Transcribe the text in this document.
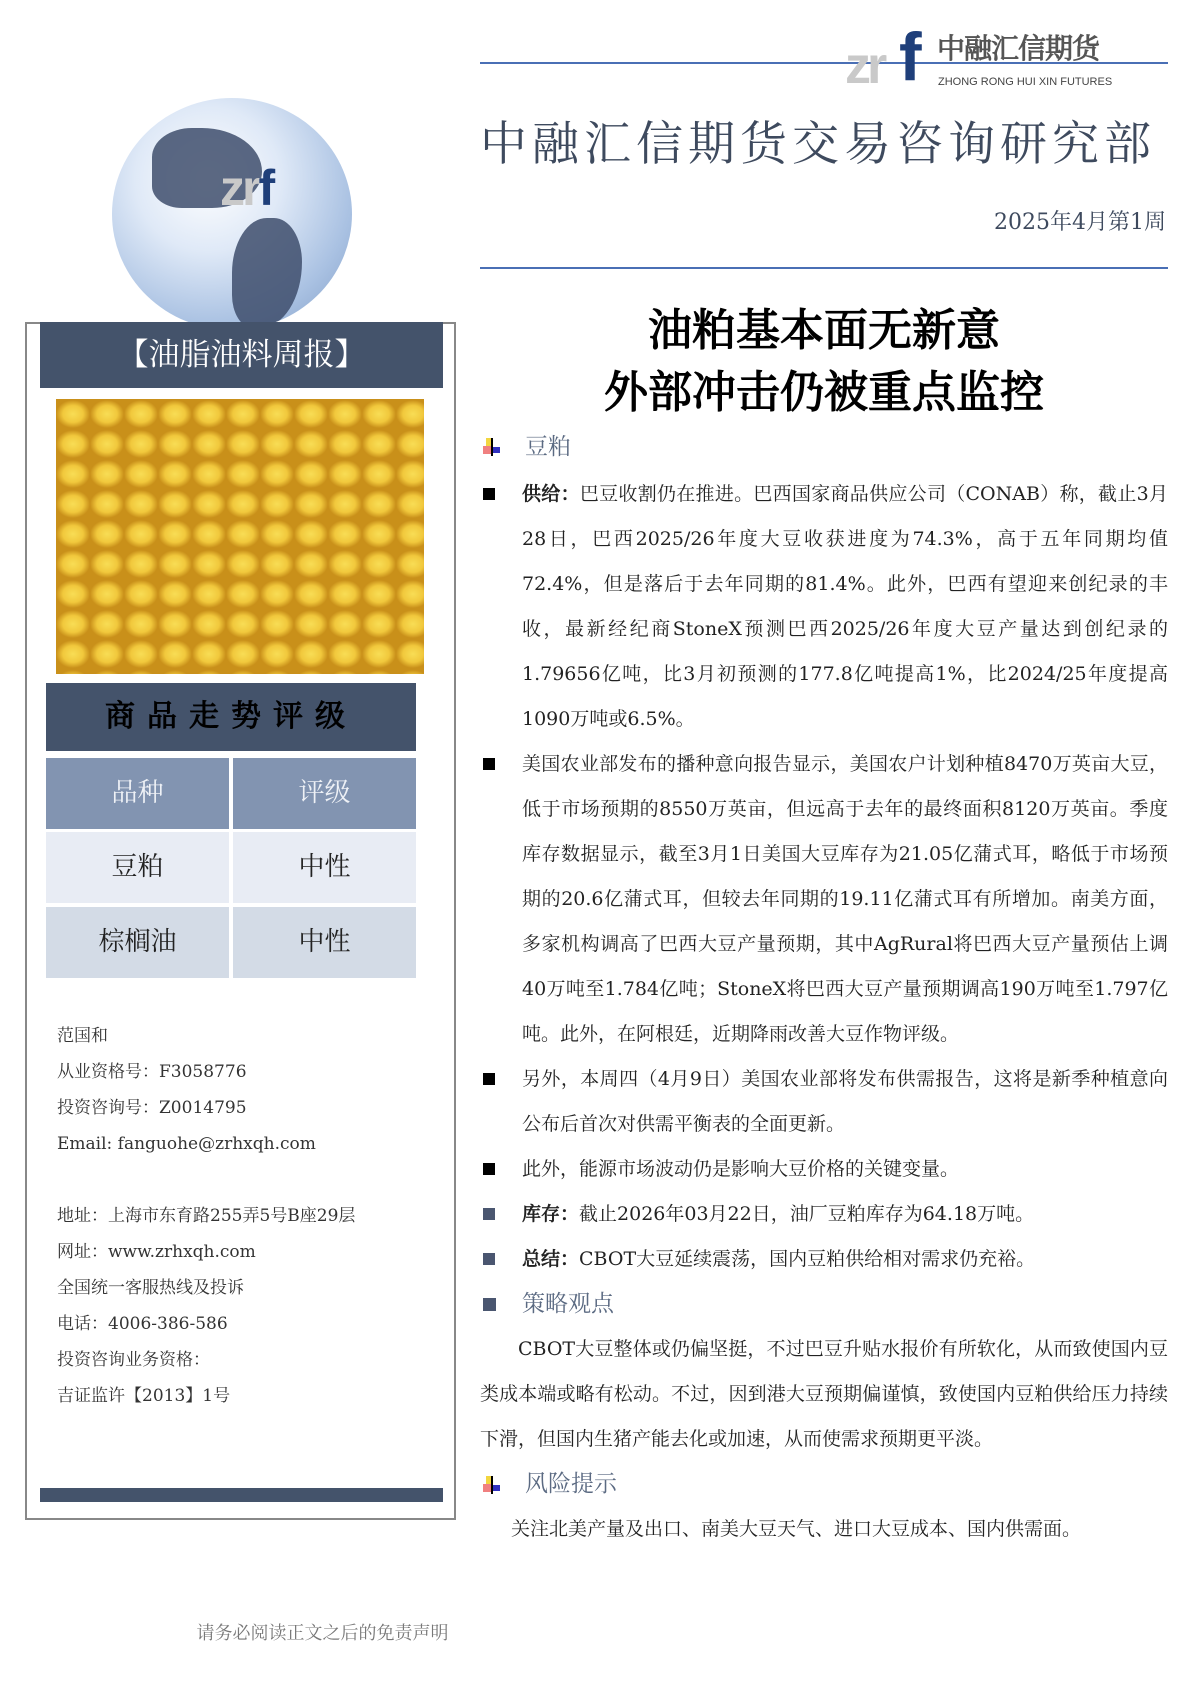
zr f 中融汇信期货
ZHONG RONG HUI XIN FUTURES
中融汇信期货交易咨询研究部
2025年4月第1周
油粕基本面无新意
外部冲击仍被重点监控
豆粕
供给：巴豆收割仍在推进。巴西国家商品供应公司（CONAB）称，截止3月28日，巴西2025/26年度大豆收获进度为74.3%，高于五年同期均值72.4%，但是落后于去年同期的81.4%。此外，巴西有望迎来创纪录的丰收，最新经纪商StoneX预测巴西2025/26年度大豆产量达到创纪录的1.79656亿吨，比3月初预测的177.8亿吨提高1%，比2024/25年度提高1090万吨或6.5%。
美国农业部发布的播种意向报告显示，美国农户计划种植8470万英亩大豆，低于市场预期的8550万英亩，但远高于去年的最终面积8120万英亩。季度库存数据显示，截至3月1日美国大豆库存为21.05亿蒲式耳，略低于市场预期的20.6亿蒲式耳，但较去年同期的19.11亿蒲式耳有所增加。南美方面，多家机构调高了巴西大豆产量预期，其中AgRural将巴西大豆产量预估上调40万吨至1.784亿吨；StoneX将巴西大豆产量预期调高190万吨至1.797亿吨。此外，在阿根廷，近期降雨改善大豆作物评级。
另外，本周四（4月9日）美国农业部将发布供需报告，这将是新季种植意向公布后首次对供需平衡表的全面更新。
此外，能源市场波动仍是影响大豆价格的关键变量。
库存：截止2026年03月22日，油厂豆粕库存为64.18万吨。
总结：CBOT大豆延续震荡，国内豆粕供给相对需求仍充裕。
策略观点
CBOT大豆整体或仍偏坚挺，不过巴豆升贴水报价有所软化，从而致使国内豆类成本端或略有松动。不过，因到港大豆预期偏谨慎，致使国内豆粕供给压力持续下滑，但国内生猪产能去化或加速，从而使需求预期更平淡。
风险提示
关注北美产量及出口、南美大豆天气、进口大豆成本、国内供需面。
zrf
【油脂油料周报】
商品走势评级
品种	评级
豆粕	中性
棕榈油	中性
范国和
从业资格号：F3058776
投资咨询号：Z0014795
Email: fanguohe@zrhxqh.com
地址：上海市东育路255弄5号B座29层
网址：www.zrhxqh.com
全国统一客服热线及投诉
电话：4006-386-586
投资咨询业务资格：
吉证监许【2013】1号
请务必阅读正文之后的免责声明
